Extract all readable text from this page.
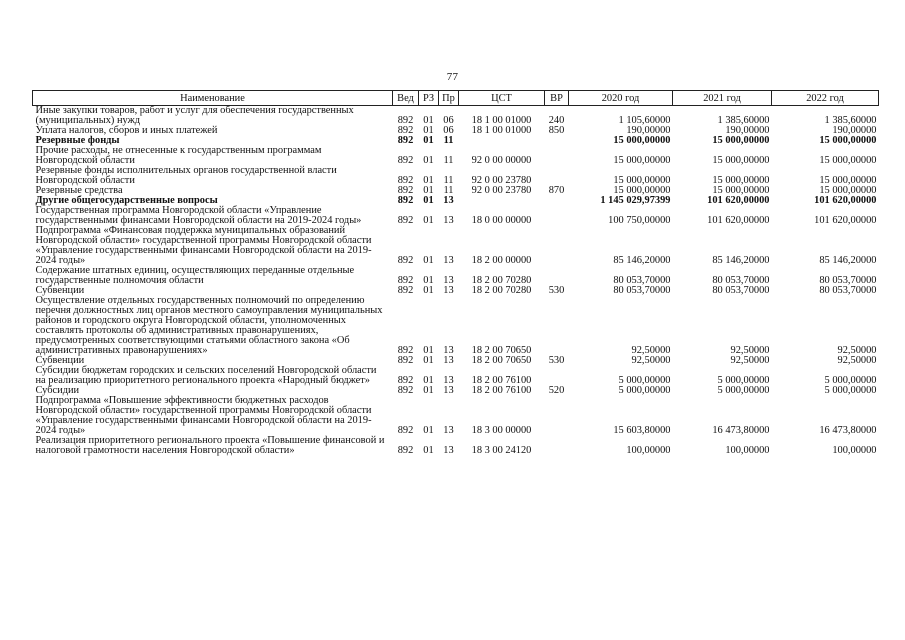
77
Наименование	Вед	РЗ	Пр	ЦСТ	ВР	2020 год	2021 год	2022 год
Иные закупки товаров, работ и услуг для обеспечения государственных (муниципальных) нужд	892	01	06	18 1 00 01000	240	1 105,60000	1 385,60000	1 385,60000
Уплата налогов, сборов и иных платежей	892	01	06	18 1 00 01000	850	190,00000	190,00000	190,00000
Резервные фонды	892	01	11			15 000,00000	15 000,00000	15 000,00000
Прочие расходы, не отнесенные к государственным программам Новгородской области	892	01	11	92 0 00 00000		15 000,00000	15 000,00000	15 000,00000
Резервные фонды исполнительных органов государственной власти Новгородской области	892	01	11	92 0 00 23780		15 000,00000	15 000,00000	15 000,00000
Резервные средства	892	01	11	92 0 00 23780	870	15 000,00000	15 000,00000	15 000,00000
Другие общегосударственные вопросы	892	01	13			1 145 029,97399	101 620,00000	101 620,00000
Государственная программа Новгородской области «Управление государственными финансами Новгородской области на 2019-2024 годы»	892	01	13	18 0 00 00000		100 750,00000	101 620,00000	101 620,00000
Подпрограмма «Финансовая поддержка муниципальных образований Новгородской области» государственной программы Новгородской области «Управление государственными финансами Новгородской области на 2019-2024 годы»	892	01	13	18 2 00 00000		85 146,20000	85 146,20000	85 146,20000
Содержание штатных единиц, осуществляющих переданные отдельные государственные полномочия области	892	01	13	18 2 00 70280		80 053,70000	80 053,70000	80 053,70000
Субвенции	892	01	13	18 2 00 70280	530	80 053,70000	80 053,70000	80 053,70000
Осуществление отдельных государственных полномочий по определению перечня должностных лиц органов местного самоуправления муниципальных районов и городского округа Новгородской области, уполномоченных составлять протоколы об административных правонарушениях, предусмотренных соответствующими статьями областного закона «Об административных правонарушениях»	892	01	13	18 2 00 70650		92,50000	92,50000	92,50000
Субвенции	892	01	13	18 2 00 70650	530	92,50000	92,50000	92,50000
Субсидии бюджетам городских и сельских поселений Новгородской области на реализацию приоритетного регионального проекта «Народный бюджет»	892	01	13	18 2 00 76100		5 000,00000	5 000,00000	5 000,00000
Субсидии	892	01	13	18 2 00 76100	520	5 000,00000	5 000,00000	5 000,00000
Подпрограмма «Повышение эффективности бюджетных расходов Новгородской области» государственной программы Новгородской области «Управление государственными финансами Новгородской области на 2019-2024 годы»	892	01	13	18 3 00 00000		15 603,80000	16 473,80000	16 473,80000
Реализация приоритетного регионального проекта «Повышение финансовой и налоговой грамотности населения Новгородской области»	892	01	13	18 3 00 24120		100,00000	100,00000	100,00000
